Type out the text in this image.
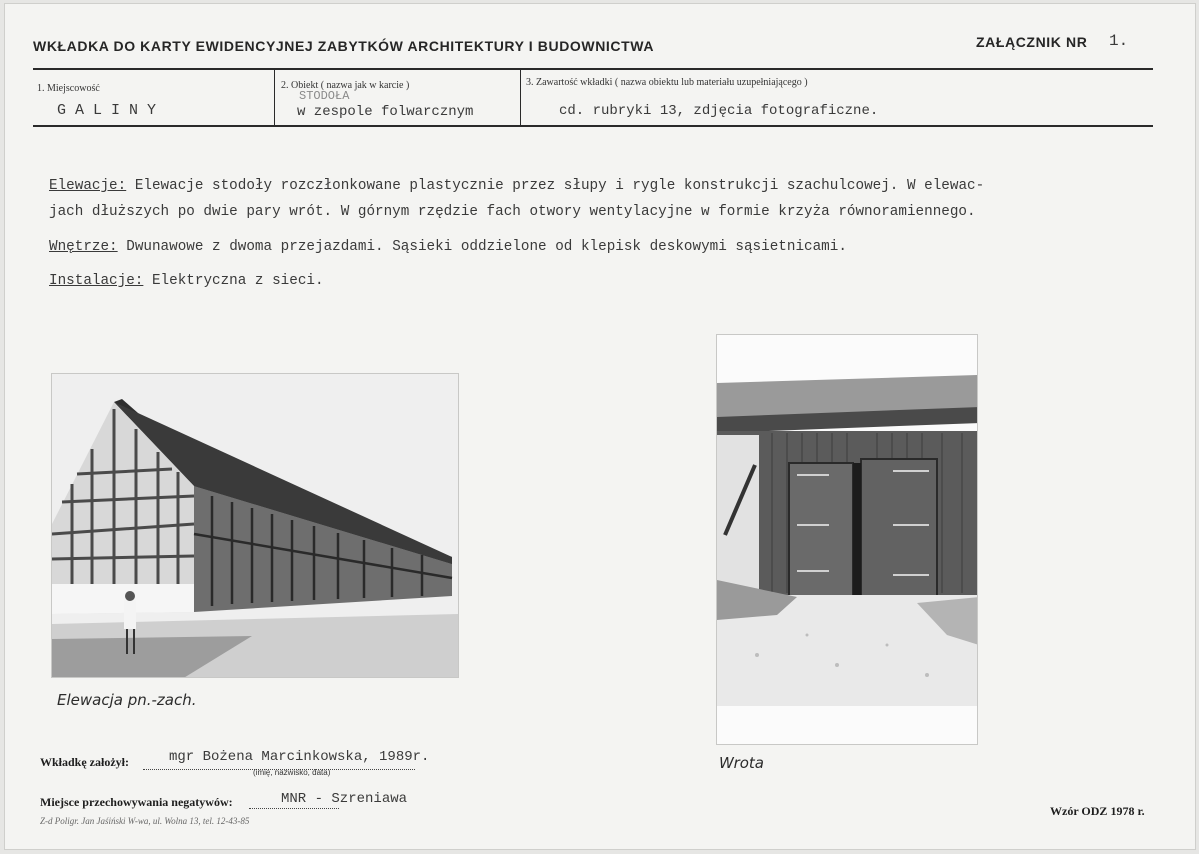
WKŁADKA DO KARTY EWIDENCYJNEJ ZABYTKÓW ARCHITEKTURY I BUDOWNICTWA	ZAŁĄCZNIK NR 1.
1. Miejscowość
G A L I N Y
2. Obiekt ( nazwa jak w karcie )
STODOŁA
w zespole folwarcznym
3. Zawartość wkładki ( nazwa obiektu lub materiału uzupełniającego )
cd. rubryki 13, zdjęcia fotograficzne.
Elewacje: Elewacje stodoły rozczłonkowane plastycznie przez słupy i rygle konstrukcji szachulcowej. W elewac-
jach dłuższych po dwie pary wrót. W górnym rzędzie fach otwory wentylacyjne w formie krzyża równoramiennego.
Wnętrze: Dwunawowe z dwoma przejazdami. Sąsieki oddzielone od klepisk deskowymi sąsietnicami.
Instalacje: Elektryczna z sieci.
Elewacja pn.-zach.
Wrota
Wkładkę założył:	mgr Bożena Marcinkowska, 1989r.
(imię, nazwisko, data)
Miejsce przechowywania negatywów:	MNR - Szreniawa
Z-d Poligr. Jan Jaśiński W-wa, ul. Wolna 13, tel. 12-43-85
Wzór ODZ 1978 r.
